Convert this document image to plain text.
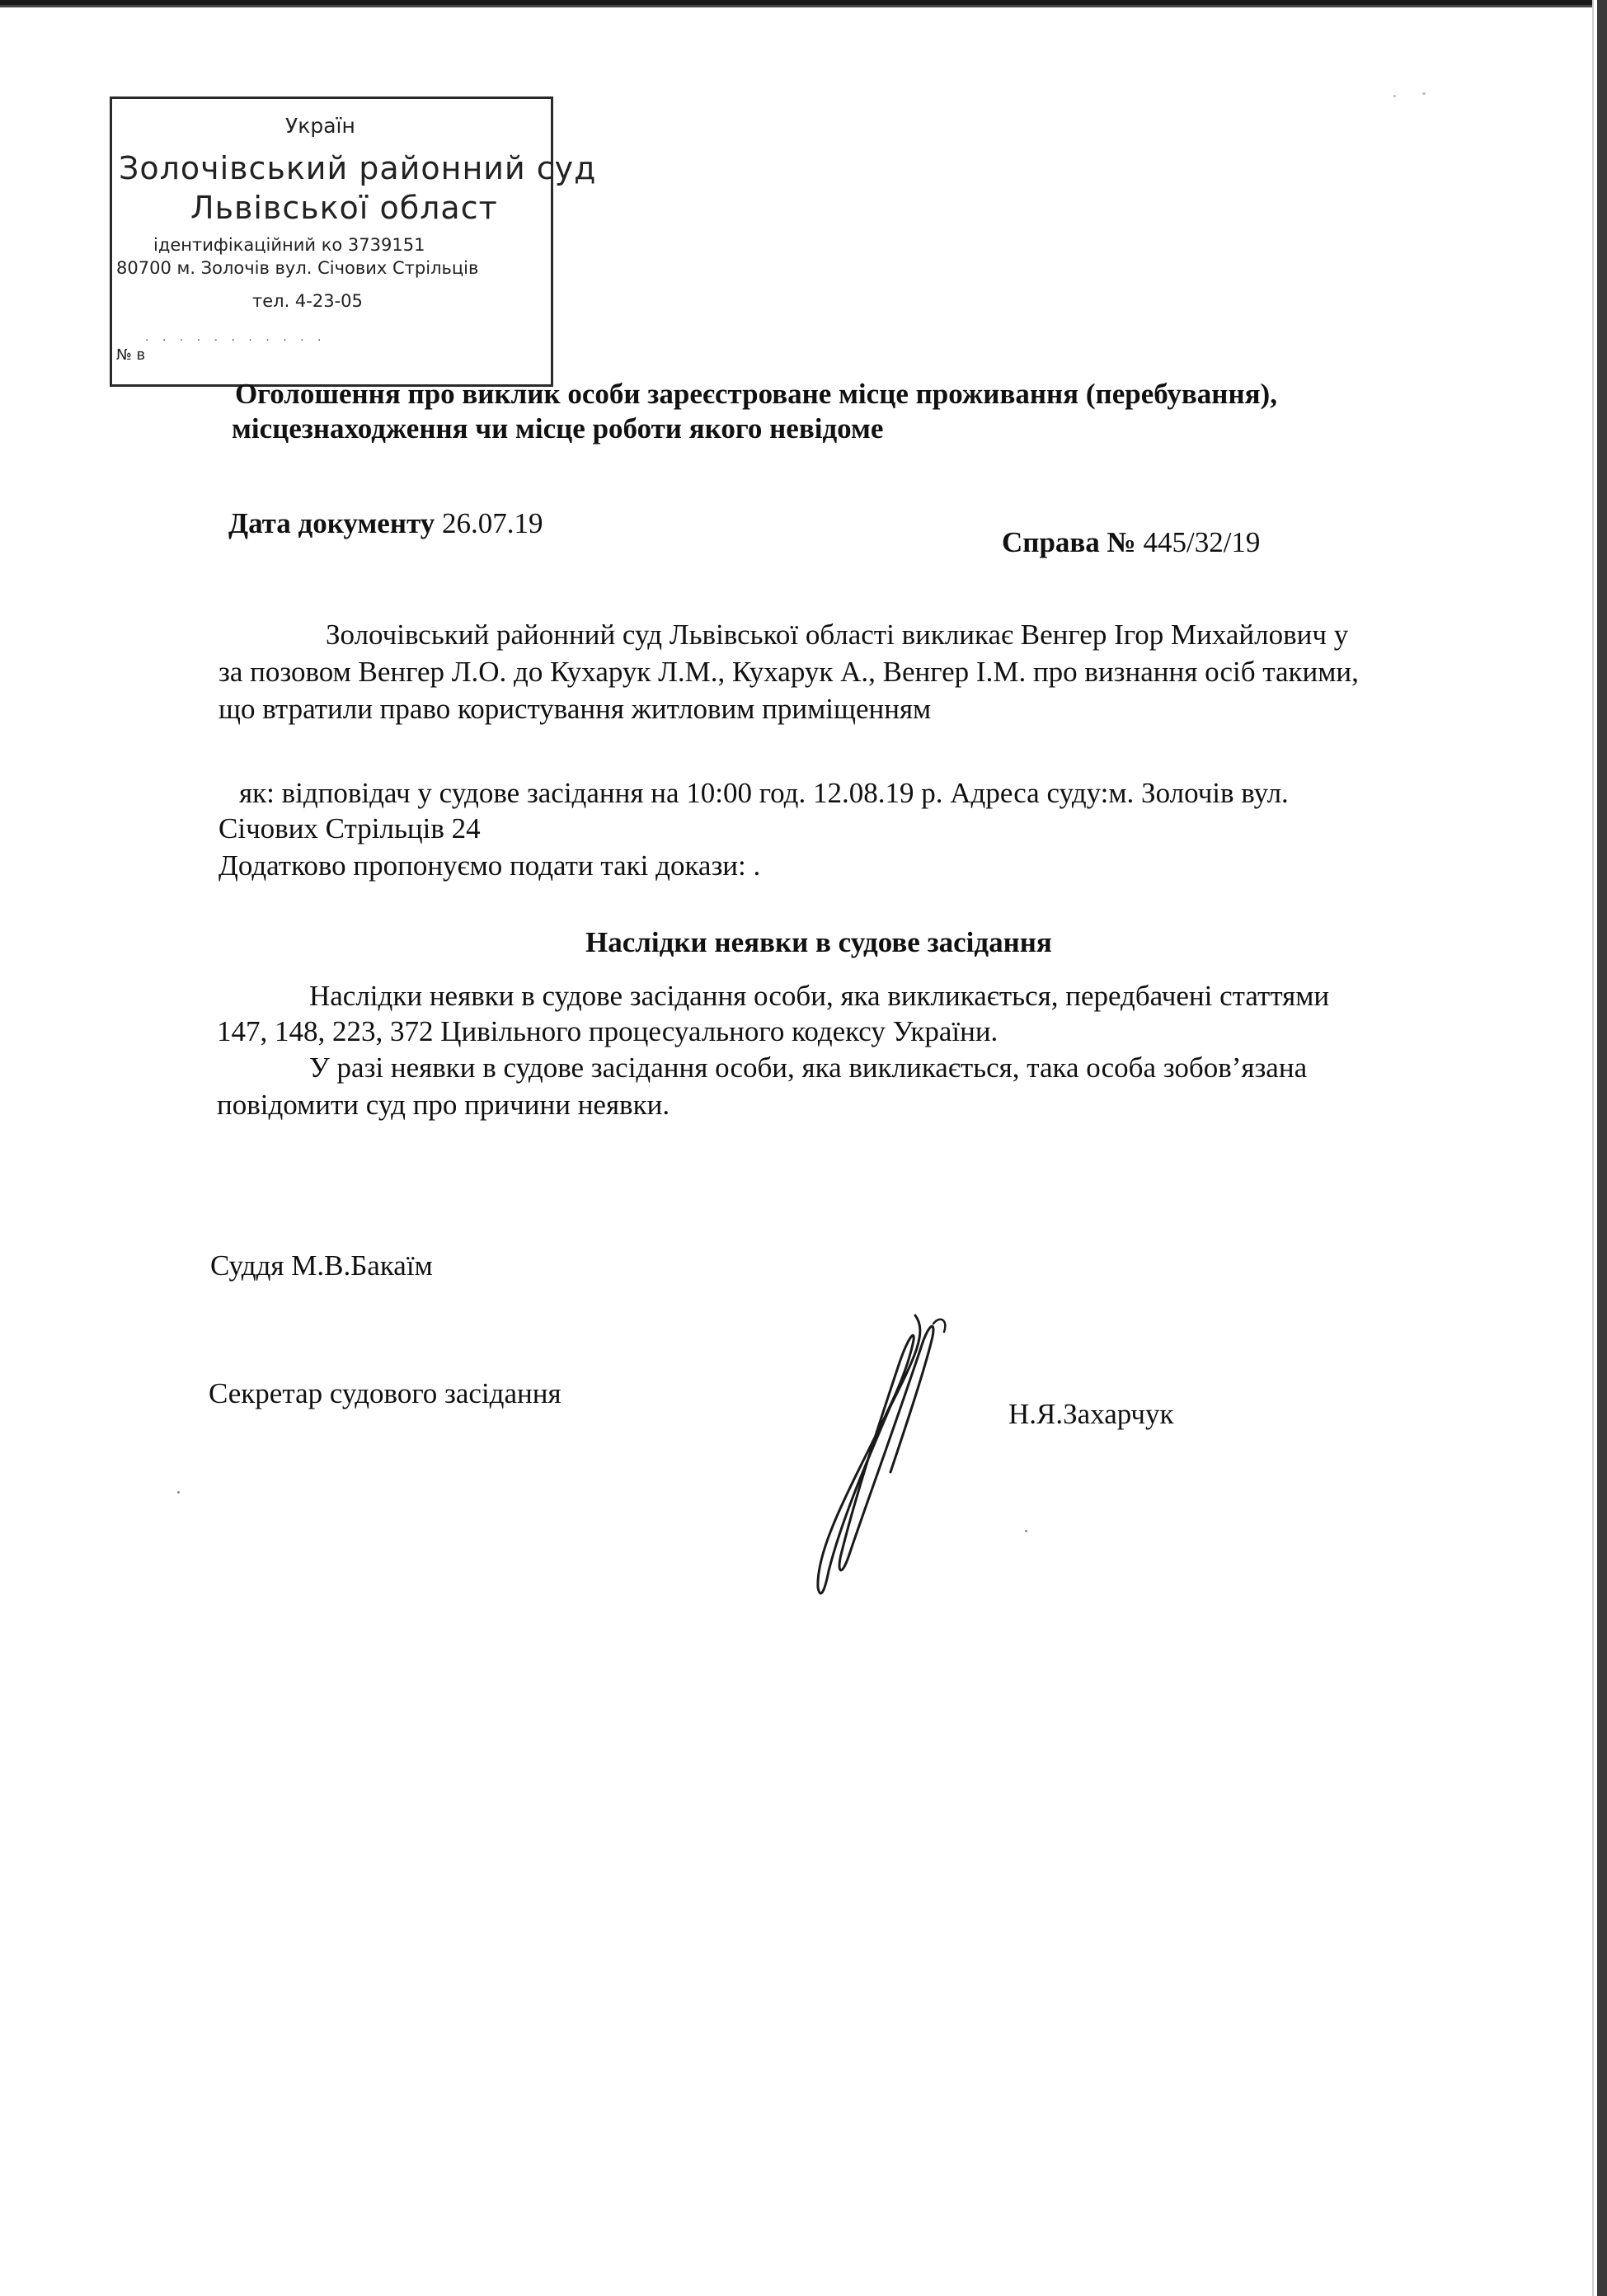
Україн
Золочівський районний суд
Львівської област
ідентифікаційний ко 3739151
80700 м. Золочів вул. Січових Стрільців
тел. 4-23-05
· · · · · · · · · · ·
№ в
Оголошення про виклик особи зареєстроване місце проживання (перебування),
місцезнаходження чи місце роботи якого невідоме
Дата документу 26.07.19
Справа № 445/32/19
Золочівський районний суд Львівської області викликає Венгер Ігор Михайлович у
за позовом Венгер Л.О. до Кухарук Л.М., Кухарук А., Венгер І.М. про визнання осіб такими,
що втратили право користування житловим приміщенням
як: відповідач у судове засідання на 10:00 год. 12.08.19 р. Адреса суду:м. Золочів вул.
Січових Стрільців 24
Додатково пропонуємо подати такі докази: .
Наслідки неявки в судове засідання
Наслідки неявки в судове засідання особи, яка викликається, передбачені статтями
147, 148, 223, 372 Цивільного процесуального кодексу України.
У разі неявки в судове засідання особи, яка викликається, така особа зобов’язана
повідомити суд про причини неявки.
Суддя М.В.Бакаїм
Секретар судового засідання
Н.Я.Захарчук
